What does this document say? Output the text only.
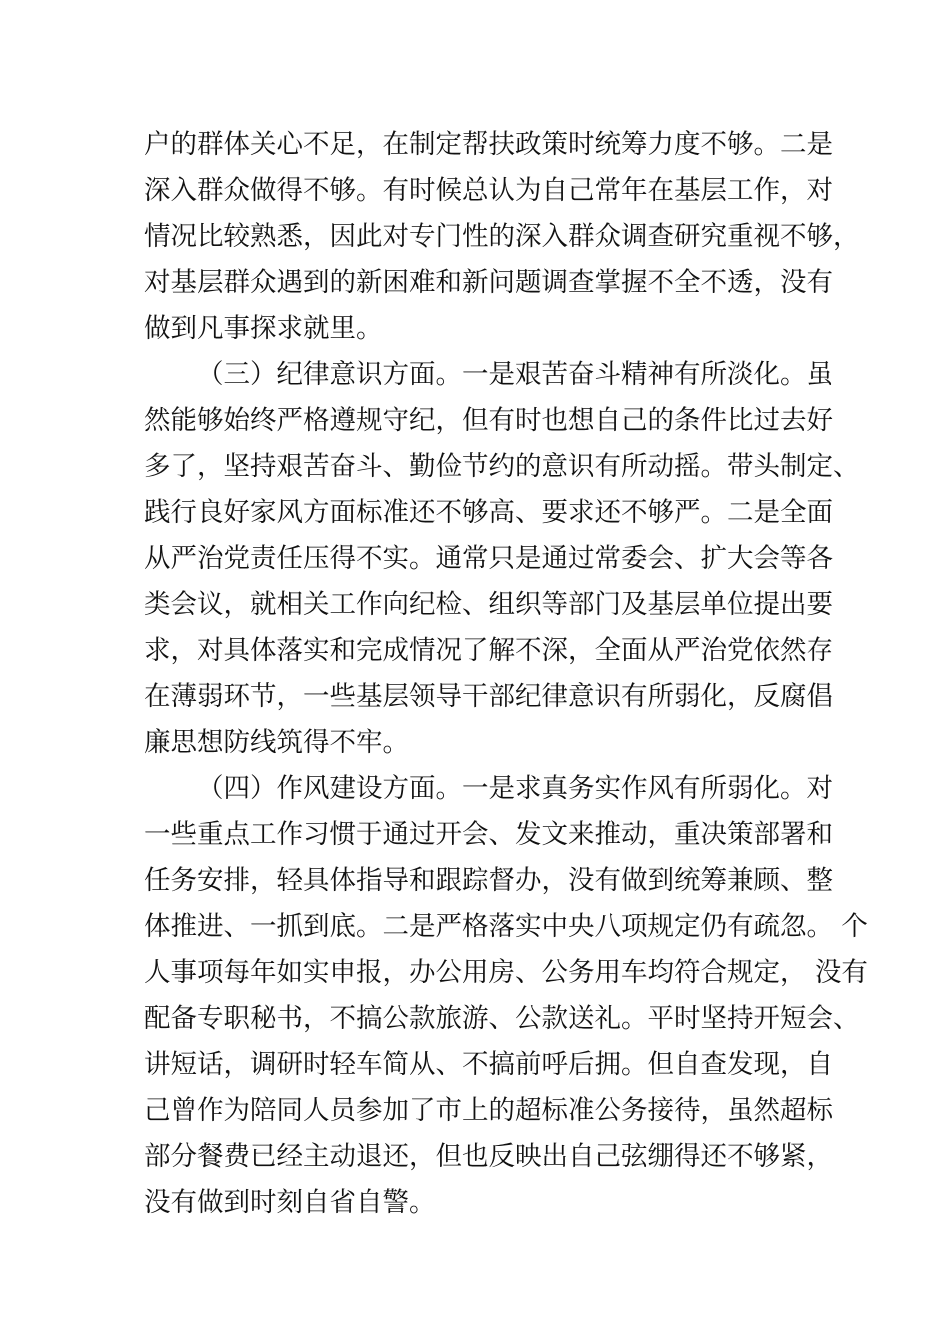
户的群体关心不足，在制定帮扶政策时统筹力度不够。二是
深入群众做得不够。有时候总认为自己常年在基层工作，对
情况比较熟悉，因此对专门性的深入群众调查研究重视不够，
对基层群众遇到的新困难和新问题调查掌握不全不透，没有
做到凡事探求就里。
（三）纪律意识方面。一是艰苦奋斗精神有所淡化。虽
然能够始终严格遵规守纪，但有时也想自己的条件比过去好
多了，坚持艰苦奋斗、勤俭节约的意识有所动摇。带头制定、
践行良好家风方面标准还不够高、要求还不够严。二是全面
从严治党责任压得不实。通常只是通过常委会、扩大会等各
类会议，就相关工作向纪检、组织等部门及基层单位提出要
求，对具体落实和完成情况了解不深，全面从严治党依然存
在薄弱环节，一些基层领导干部纪律意识有所弱化，反腐倡
廉思想防线筑得不牢。
（四）作风建设方面。一是求真务实作风有所弱化。对
一些重点工作习惯于通过开会、发文来推动，重决策部署和
任务安排，轻具体指导和跟踪督办，没有做到统筹兼顾、整
体推进、一抓到底。二是严格落实中央八项规定仍有疏忽。 个
人事项每年如实申报，办公用房、公务用车均符合规定， 没有
配备专职秘书，不搞公款旅游、公款送礼。平时坚持开短会、
讲短话，调研时轻车简从、不搞前呼后拥。但自查发现，自
己曾作为陪同人员参加了市上的超标准公务接待，虽然超标
部分餐费已经主动退还，但也反映出自己弦绷得还不够紧，
没有做到时刻自省自警。
